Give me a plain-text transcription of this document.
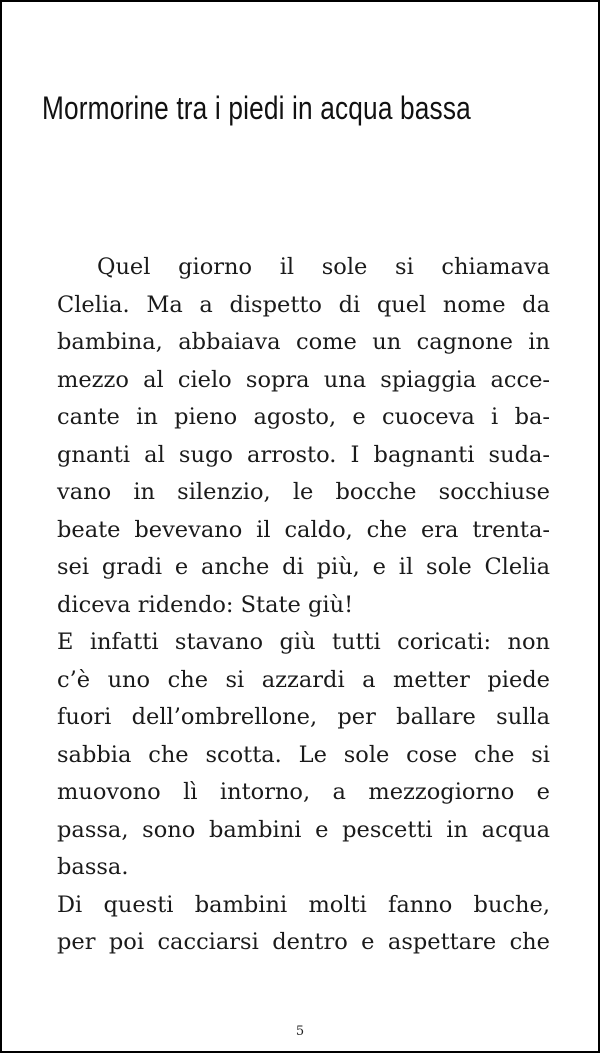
Mormorine tra i piedi in acqua bassa
Quel giorno il sole si chiamava
Clelia. Ma a dispetto di quel nome da
bambina, abbaiava come un cagnone in
mezzo al cielo sopra una spiaggia acce-
cante in pieno agosto, e cuoceva i ba-
gnanti al sugo arrosto. I bagnanti suda-
vano in silenzio, le bocche socchiuse
beate bevevano il caldo, che era trenta-
sei gradi e anche di più, e il sole Clelia
diceva ridendo: State giù!
E infatti stavano giù tutti coricati: non
c’è uno che si azzardi a metter piede
fuori dell’ombrellone, per ballare sulla
sabbia che scotta. Le sole cose che si
muovono lì intorno, a mezzogiorno e
passa, sono bambini e pescetti in acqua
bassa.
Di questi bambini molti fanno buche,
per poi cacciarsi dentro e aspettare che
5
